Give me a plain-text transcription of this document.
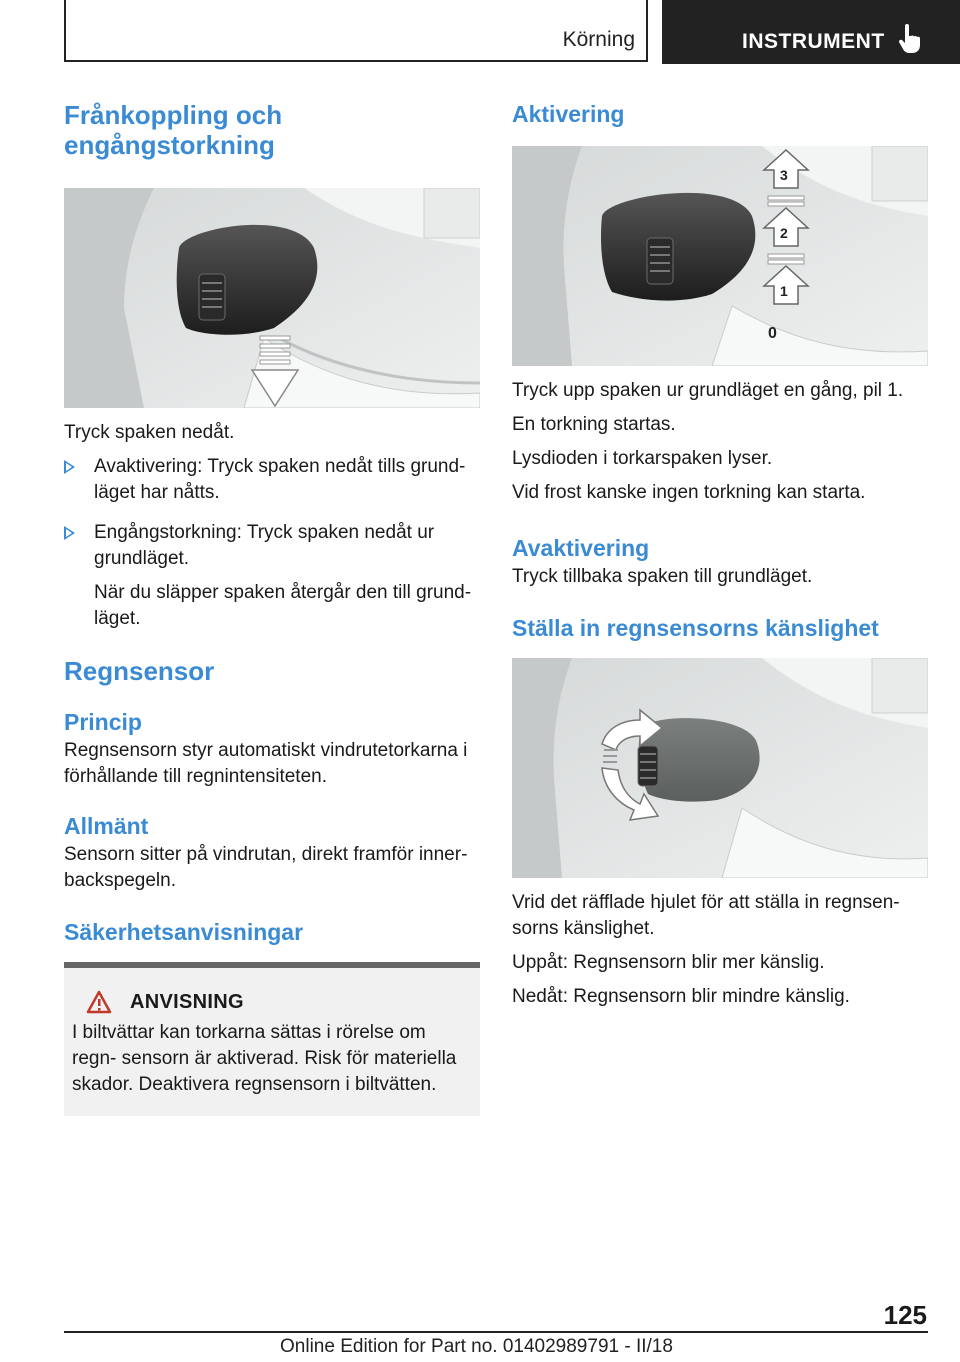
Körning	INSTRUMENT
Frånkoppling och engångstorkning

Tryck spaken nedåt.

Avaktivering: Tryck spaken nedåt tills grund- läget har nåtts.

Engångstorkning: Tryck spaken nedåt ur grundläget.

När du släpper spaken återgår den till grund- läget.

Regnsensor
Princip

Regnsensorn styr automatiskt vindrutetorkarna i förhållande till regnintensiteten.

Allmänt

Sensorn sitter på vindrutan, direkt framför inner- backspegeln.

Säkerhetsanvisningar
ANVISNING

I biltvättar kan torkarna sättas i rörelse om regn- sensorn är aktiverad. Risk för materiella skador. Deaktivera regnsensorn i biltvätten.

Aktivering
1
2
3
0

Tryck upp spaken ur grundläget en gång, pil 1.

En torkning startas.

Lysdioden i torkarspaken lyser.

Vid frost kanske ingen torkning kan starta.

Avaktivering

Tryck tillbaka spaken till grundläget.

Ställa in regnsensorns känslighet

Vrid det räfflade hjulet för att ställa in regnsen- sorns känslighet.

Uppåt: Regnsensorn blir mer känslig.

Nedåt: Regnsensorn blir mindre känslig.

125
Online Edition for Part no. 01402989791 - II/18
